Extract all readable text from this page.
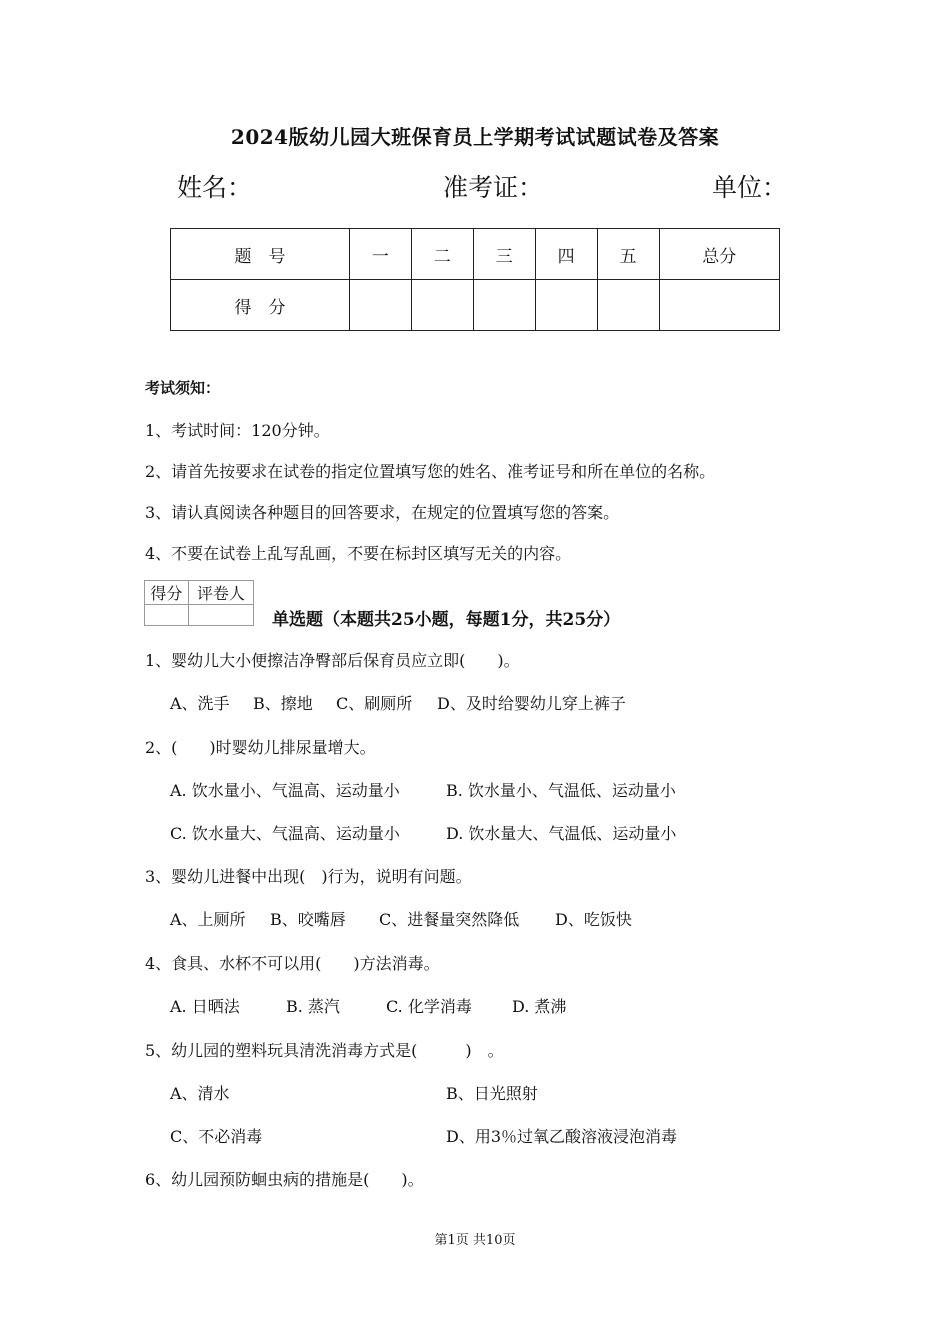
2024版幼儿园大班保育员上学期考试试题试卷及答案
姓名：	准考证：	单位：
题　号	一	二	三	四	五	总分
得　分						
考试须知：
1、考试时间：120分钟。
2、请首先按要求在试卷的指定位置填写您的姓名、准考证号和所在单位的名称。
3、请认真阅读各种题目的回答要求，在规定的位置填写您的答案。
4、不要在试卷上乱写乱画，不要在标封区填写无关的内容。
得分	评卷人

单选题（本题共25小题，每题1分，共25分）
1、婴幼儿大小便擦洁净臀部后保育员应立即(　　)。
A、洗手 B、擦地 C、刷厕所 D、及时给婴幼儿穿上裤子
2、(　　)时婴幼儿排尿量增大。
A. 饮水量小、气温高、运动量小	B. 饮水量小、气温低、运动量小
C. 饮水量大、气温高、运动量小	D. 饮水量大、气温低、运动量小
3、婴幼儿进餐中出现(　)行为，说明有问题。
A、上厕所 B、咬嘴唇 C、进餐量突然降低 D、吃饭快
4、食具、水杯不可以用(　　)方法消毒。
A. 日晒法	B. 蒸汽	C. 化学消毒	D. 煮沸
5、幼儿园的塑料玩具清洗消毒方式是(　　　)　。
A、清水	B、日光照射
C、不必消毒	D、用3％过氧乙酸溶液浸泡消毒
6、幼儿园预防蛔虫病的措施是(　　)。
第1页 共10页
